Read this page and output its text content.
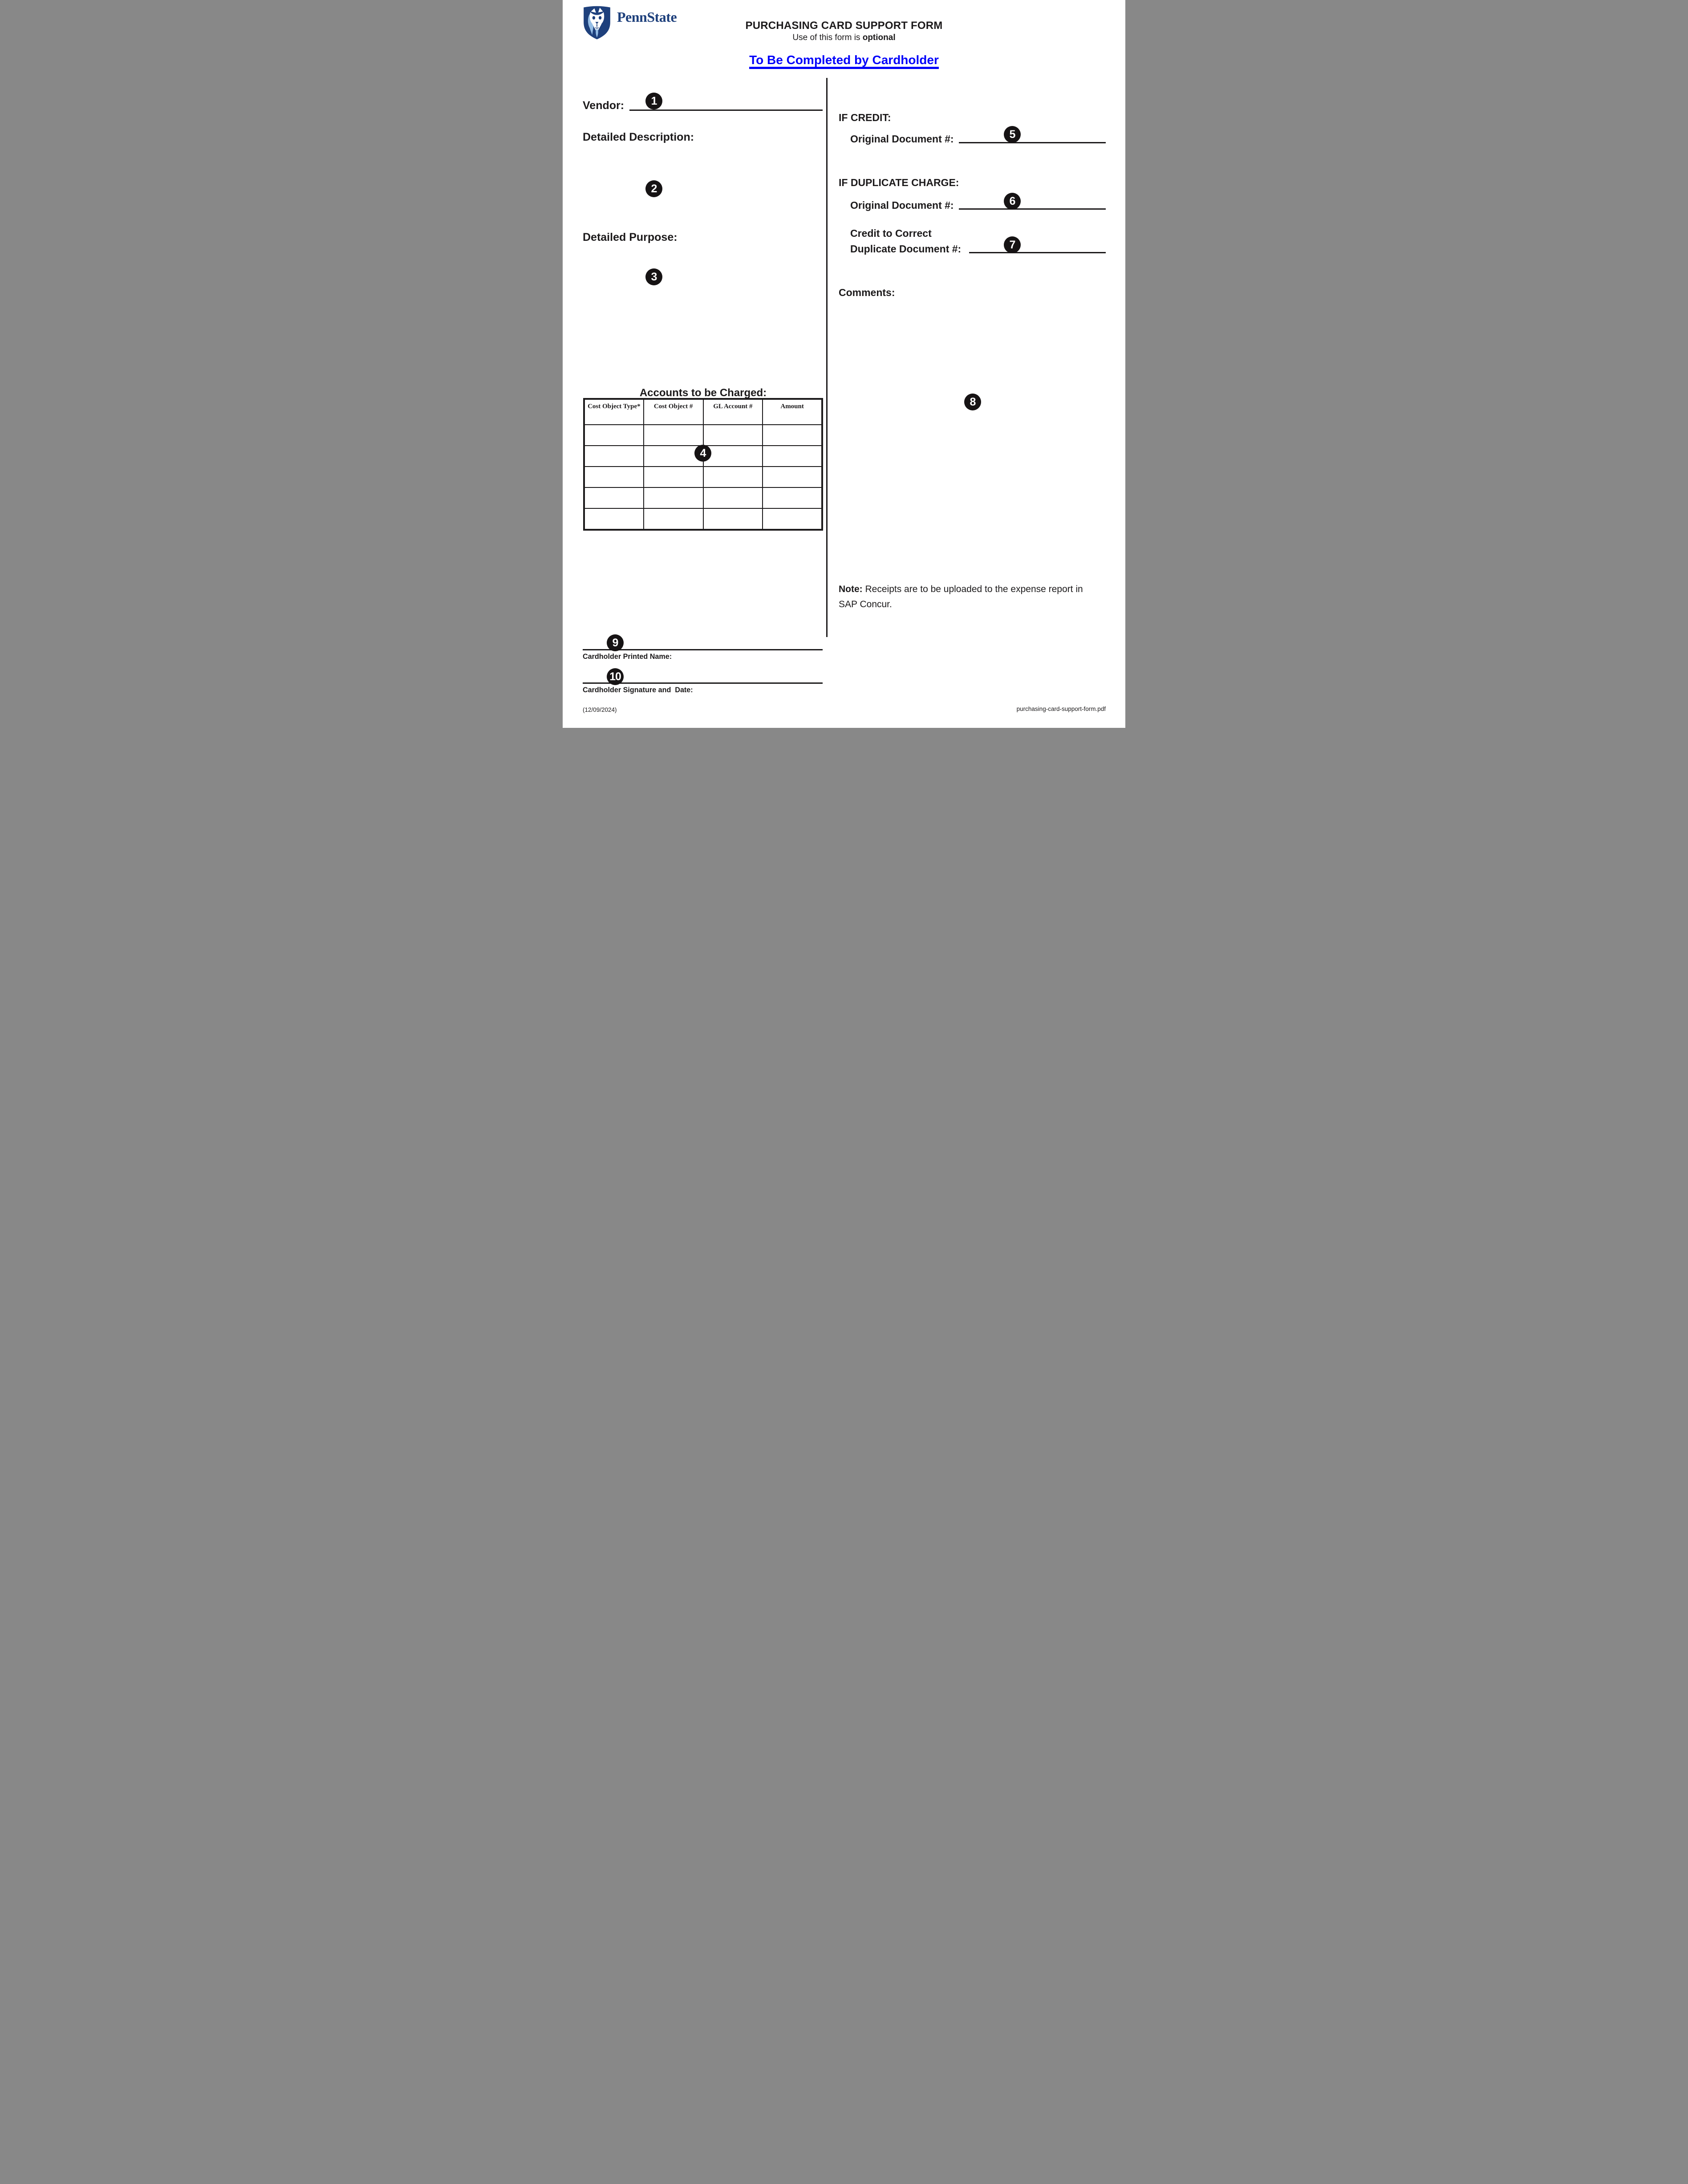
PennState
PURCHASING CARD SUPPORT FORM
Use of this form is optional
To Be Completed by Cardholder
Vendor: 1
Detailed Description:
2
Detailed Purpose:
3
Accounts to be Charged:
Cost Object Type*	Cost Object #	GL Account #	Amount

4
9
Cardholder Printed Name:
10
Cardholder Signature and  Date:
IF CREDIT:
Original Document #:	5
IF DUPLICATE CHARGE:
Original Document #:	6
Credit to Correct
Duplicate Document #:	7
Comments:
8
Note: Receipts are to be uploaded to the expense report in SAP Concur.
(12/09/2024)	purchasing-card-support-form.pdf
